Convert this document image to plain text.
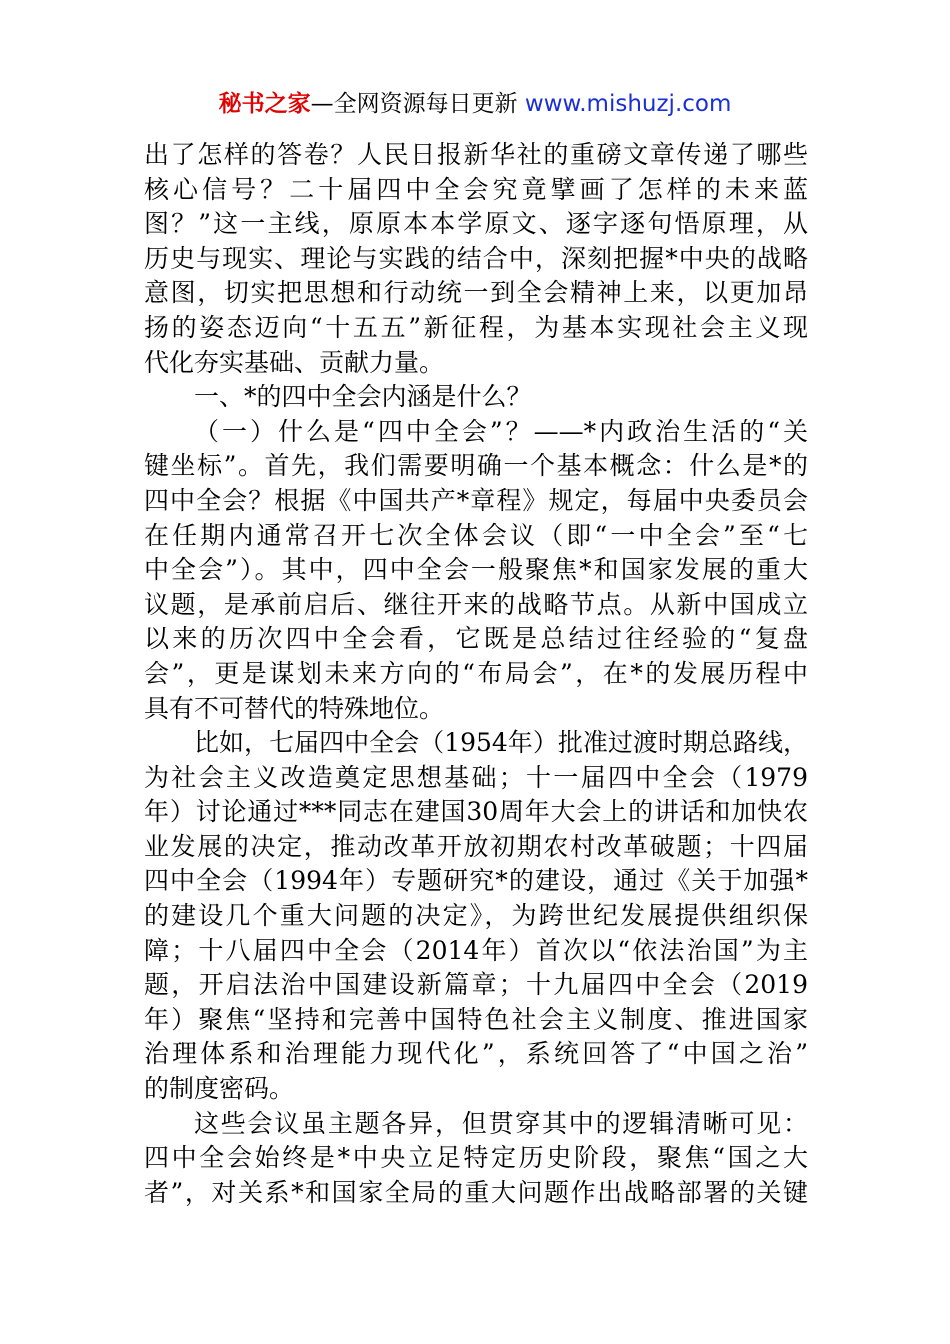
秘书之家—全网资源每日更新 www.mishuzj.com
出了怎样的答卷？人民日报新华社的重磅文章传递了哪些
核心信号？二十届四中全会究竟擘画了怎样的未来蓝
图？”这一主线，原原本本学原文、逐字逐句悟原理，从
历史与现实、理论与实践的结合中，深刻把握*中央的战略
意图，切实把思想和行动统一到全会精神上来，以更加昂
扬的姿态迈向“十五五”新征程，为基本实现社会主义现
代化夯实基础、贡献力量。
一、*的四中全会内涵是什么？
（一）什么是“四中全会”？——*内政治生活的“关
键坐标”。首先，我们需要明确一个基本概念：什么是*的
四中全会？根据《中国共产*章程》规定，每届中央委员会
在任期内通常召开七次全体会议（即“一中全会”至“七
中全会”）。其中，四中全会一般聚焦*和国家发展的重大
议题，是承前启后、继往开来的战略节点。从新中国成立
以来的历次四中全会看，它既是总结过往经验的“复盘
会”，更是谋划未来方向的“布局会”，在*的发展历程中
具有不可替代的特殊地位。
比如，七届四中全会（1954年）批准过渡时期总路线，
为社会主义改造奠定思想基础；十一届四中全会（1979
年）讨论通过***同志在建国30周年大会上的讲话和加快农
业发展的决定，推动改革开放初期农村改革破题；十四届
四中全会（1994年）专题研究*的建设，通过《关于加强*
的建设几个重大问题的决定》，为跨世纪发展提供组织保
障；十八届四中全会（2014年）首次以“依法治国”为主
题，开启法治中国建设新篇章；十九届四中全会（2019
年）聚焦“坚持和完善中国特色社会主义制度、推进国家
治理体系和治理能力现代化”，系统回答了“中国之治”
的制度密码。
这些会议虽主题各异，但贯穿其中的逻辑清晰可见：
四中全会始终是*中央立足特定历史阶段，聚焦“国之大
者”，对关系*和国家全局的重大问题作出战略部署的关键
